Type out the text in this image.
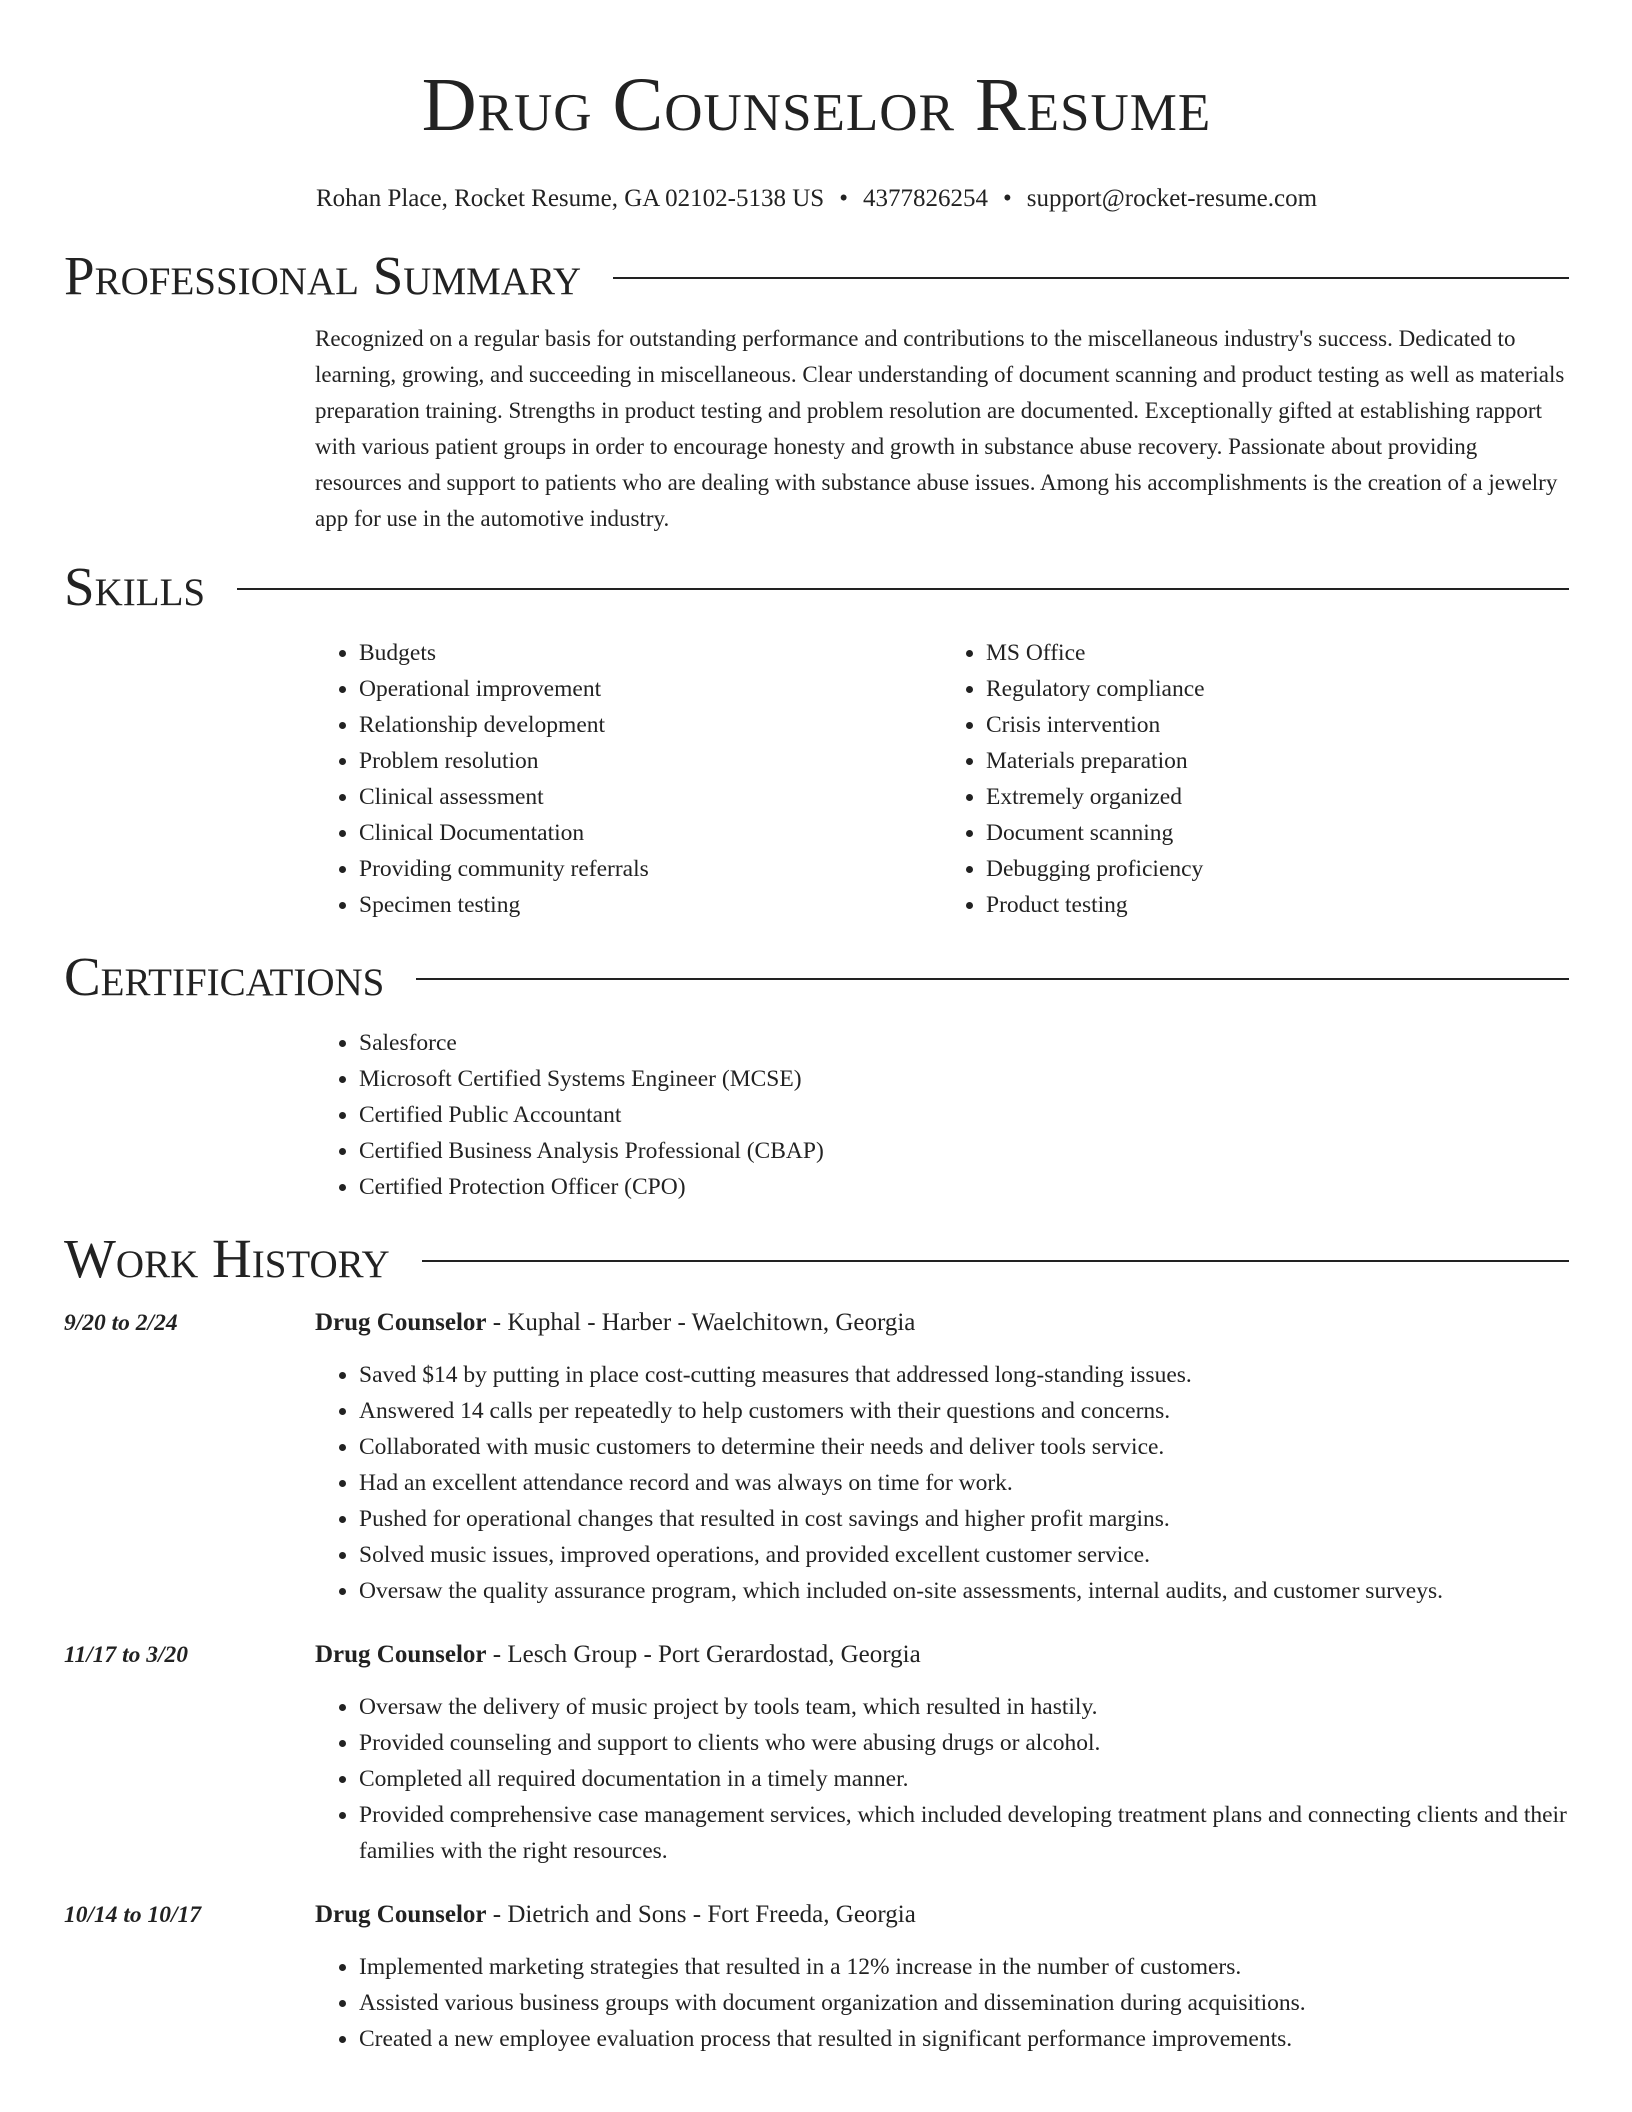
Drug Counselor Resume
Rohan Place, Rocket Resume, GA 02102-5138 US • 4377826254 • support@rocket-resume.com
Professional Summary

Recognized on a regular basis for outstanding performance and contributions to the miscellaneous industry's success. Dedicated to learning, growing, and succeeding in miscellaneous. Clear understanding of document scanning and product testing as well as materials preparation training. Strengths in product testing and problem resolution are documented. Exceptionally gifted at establishing rapport with various patient groups in order to encourage honesty and growth in substance abuse recovery. Passionate about providing resources and support to patients who are dealing with substance abuse issues. Among his accomplishments is the creation of a jewelry app for use in the automotive industry.

Skills
• Budgets
• Operational improvement
• Relationship development
• Problem resolution
• Clinical assessment
• Clinical Documentation
• Providing community referrals
• Specimen testing
• MS Office
• Regulatory compliance
• Crisis intervention
• Materials preparation
• Extremely organized
• Document scanning
• Debugging proficiency
• Product testing
Certifications
• Salesforce
• Microsoft Certified Systems Engineer (MCSE)
• Certified Public Accountant
• Certified Business Analysis Professional (CBAP)
• Certified Protection Officer (CPO)
Work History
9/20 to 2/24	Drug Counselor - Kuphal - Harber - Waelchitown, Georgia
• Saved $14 by putting in place cost-cutting measures that addressed long-standing issues.
• Answered 14 calls per repeatedly to help customers with their questions and concerns.
• Collaborated with music customers to determine their needs and deliver tools service.
• Had an excellent attendance record and was always on time for work.
• Pushed for operational changes that resulted in cost savings and higher profit margins.
• Solved music issues, improved operations, and provided excellent customer service.
• Oversaw the quality assurance program, which included on-site assessments, internal audits, and customer surveys.
11/17 to 3/20	Drug Counselor - Lesch Group - Port Gerardostad, Georgia
• Oversaw the delivery of music project by tools team, which resulted in hastily.
• Provided counseling and support to clients who were abusing drugs or alcohol.
• Completed all required documentation in a timely manner.
• Provided comprehensive case management services, which included developing treatment plans and connecting clients and their families with the right resources.
10/14 to 10/17	Drug Counselor - Dietrich and Sons - Fort Freeda, Georgia
• Implemented marketing strategies that resulted in a 12% increase in the number of customers.
• Assisted various business groups with document organization and dissemination during acquisitions.
• Created a new employee evaluation process that resulted in significant performance improvements.
